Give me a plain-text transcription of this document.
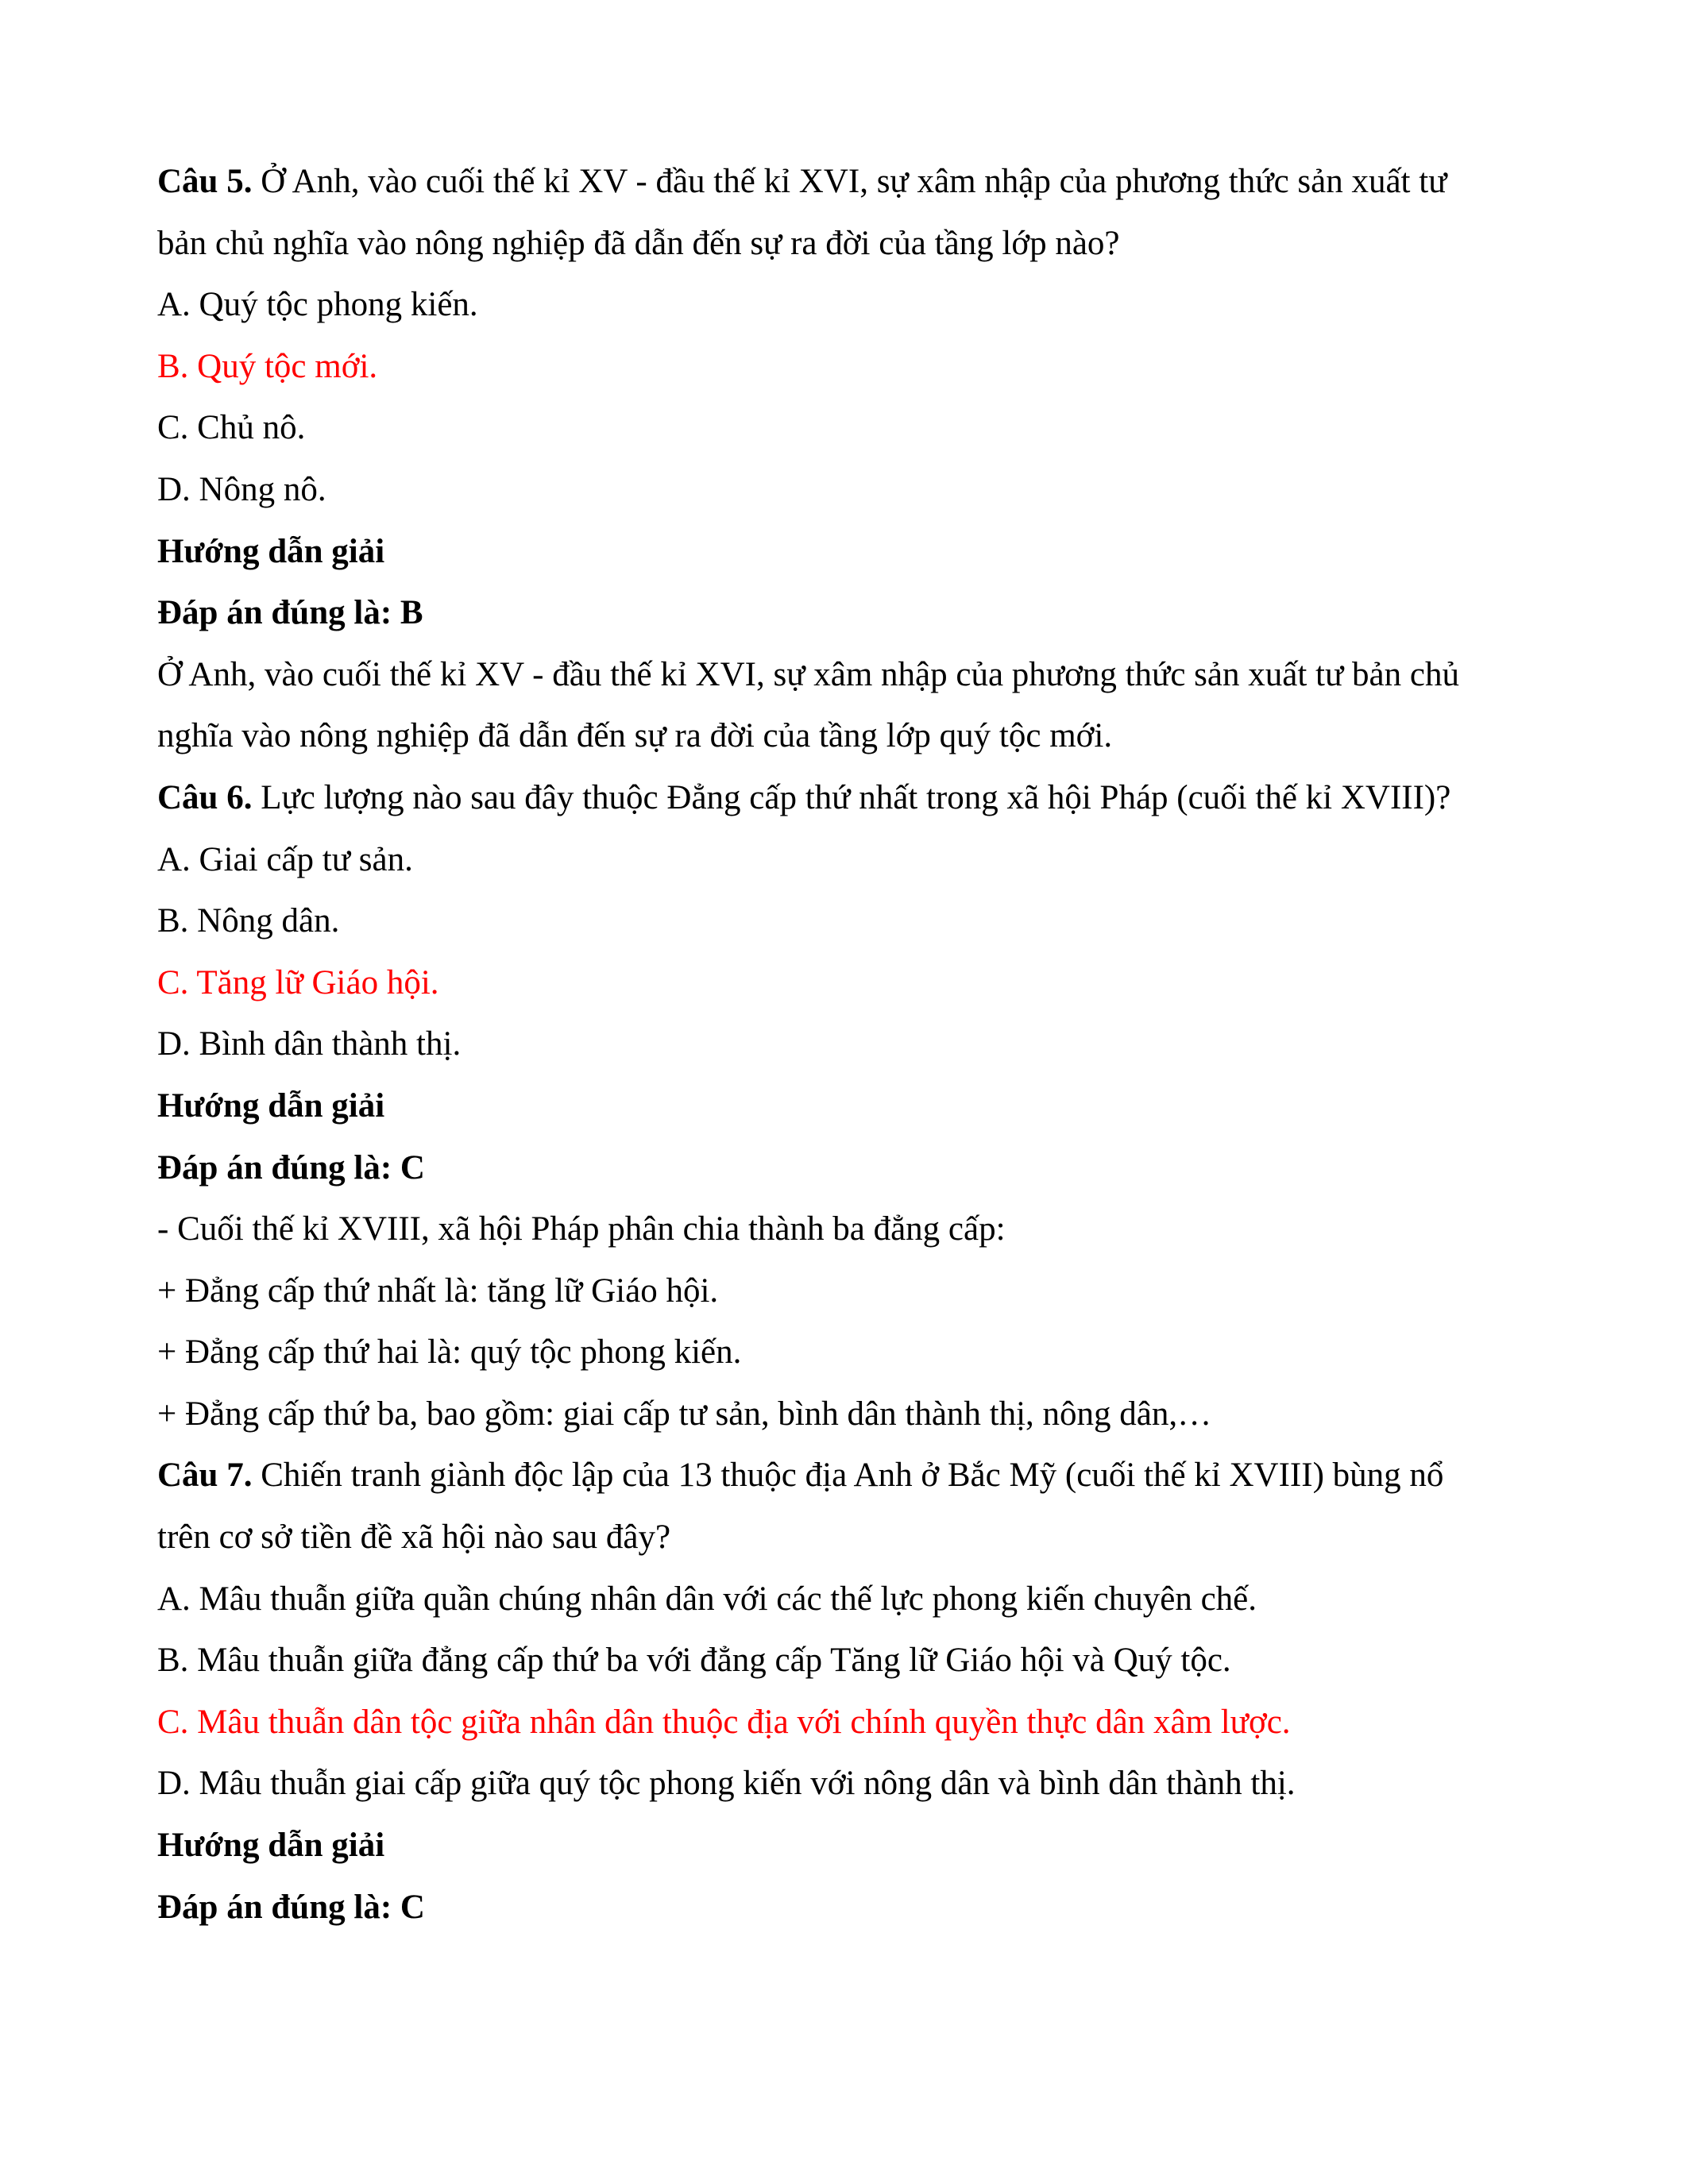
Câu 5. Ở Anh, vào cuối thế kỉ XV - đầu thế kỉ XVI, sự xâm nhập của phương thức sản xuất tư
bản chủ nghĩa vào nông nghiệp đã dẫn đến sự ra đời của tầng lớp nào?
A. Quý tộc phong kiến.
B. Quý tộc mới.
C. Chủ nô.
D. Nông nô.
Hướng dẫn giải
Đáp án đúng là: B
Ở Anh, vào cuối thế kỉ XV - đầu thế kỉ XVI, sự xâm nhập của phương thức sản xuất tư bản chủ
nghĩa vào nông nghiệp đã dẫn đến sự ra đời của tầng lớp quý tộc mới.
Câu 6. Lực lượng nào sau đây thuộc Đẳng cấp thứ nhất trong xã hội Pháp (cuối thế kỉ XVIII)?
A. Giai cấp tư sản.
B. Nông dân.
C. Tăng lữ Giáo hội.
D. Bình dân thành thị.
Hướng dẫn giải
Đáp án đúng là: C
- Cuối thế kỉ XVIII, xã hội Pháp phân chia thành ba đẳng cấp:
+ Đẳng cấp thứ nhất là: tăng lữ Giáo hội.
+ Đẳng cấp thứ hai là: quý tộc phong kiến.
+ Đẳng cấp thứ ba, bao gồm: giai cấp tư sản, bình dân thành thị, nông dân,…
Câu 7. Chiến tranh giành độc lập của 13 thuộc địa Anh ở Bắc Mỹ (cuối thế kỉ XVIII) bùng nổ
trên cơ sở tiền đề xã hội nào sau đây?
A. Mâu thuẫn giữa quần chúng nhân dân với các thế lực phong kiến chuyên chế.
B. Mâu thuẫn giữa đẳng cấp thứ ba với đẳng cấp Tăng lữ Giáo hội và Quý tộc.
C. Mâu thuẫn dân tộc giữa nhân dân thuộc địa với chính quyền thực dân xâm lược.
D. Mâu thuẫn giai cấp giữa quý tộc phong kiến với nông dân và bình dân thành thị.
Hướng dẫn giải
Đáp án đúng là: C
